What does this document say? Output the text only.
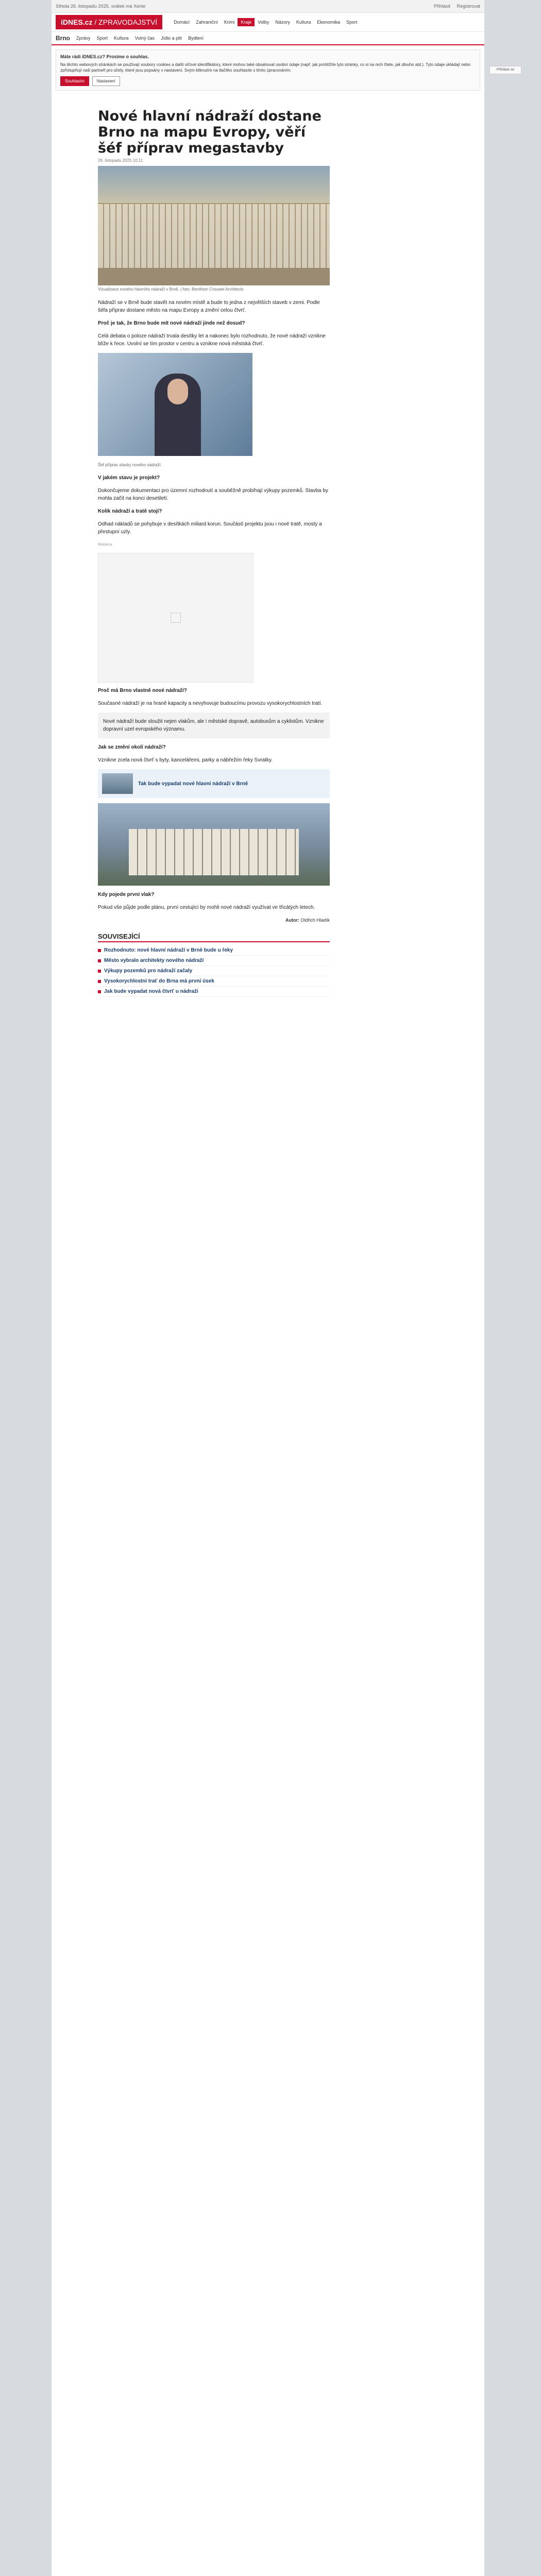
Středa 26. listopadu 2025, svátek má Xenie	Přihlásit Registrovat
iDNES.cz / ZPRAVODAJSTVÍ	Domácí	Zahraniční	Krimi	Kraje	Volby	Názory	Kultura	Ekonomika	Sport
Brno Zprávy Sport Kultura Volný čas Jídlo a pití Bydlení
Máte rádi iDNES.cz? Prosíme o souhlas.
Na těchto webových stránkách se používají soubory cookies a další síťové identifikátory, které mohou také obsahovat osobní údaje (např. jak prohlížíte tyto stránky, co si na nich čtete, jak dlouho atd.). Tyto údaje ukládají nebo zpřístupňují naši partneři pro účely, které jsou popsány v nastavení. Svým kliknutím na tlačítko souhlasíte s tímto zpracováním.
Souhlasím	Nastavení
Nové hlavní nádraží dostane Brno na mapu Evropy, věří šéf příprav megastavby
26. listopadu 2025 10:11
Vizualizace nového hlavního nádraží v Brně. | foto: Benthem Crouwel Architects

Nádraží se v Brně bude stavět na novém místě a bude to jedna z největších staveb v zemi. Podle šéfa příprav dostane město na mapu Evropy a změní celou čtvrť.

Proč je tak, že Brno bude mít nové nádraží jinde než dosud?

Celá debata o poloze nádraží trvala desítky let a nakonec bylo rozhodnuto, že nové nádraží vznikne blíže k řece. Uvolní se tím prostor v centru a vznikne nová městská čtvrť.

Šéf příprav stavby nového nádraží.

V jakém stavu je projekt?

Dokončujeme dokumentaci pro územní rozhodnutí a souběžně probíhají výkupy pozemků. Stavba by mohla začít na konci desetiletí.

Kolik nádraží a tratě stojí?

Odhad nákladů se pohybuje v desítkách miliard korun. Součástí projektu jsou i nové tratě, mosty a přestupní uzly.

Reklama

Proč má Brno vlastně nové nádraží?

Současné nádraží je na hraně kapacity a nevyhovuje budoucímu provozu vysokorychlostních tratí.

Nové nádraží bude sloužit nejen vlakům, ale i městské dopravě, autobusům a cyklistům. Vznikne dopravní uzel evropského významu.

Jak se změní okolí nádraží?

Vznikne zcela nová čtvrť s byty, kancelářemi, parky a nábřežím řeky Svratky.

Tak bude vypadat nové hlavní nádraží v Brně

Kdy pojede první vlak?

Pokud vše půjde podle plánu, první cestující by mohli nové nádraží využívat ve třicátých letech.

Autor: Oldřich Hladík
SOUVISEJÍCÍ
Rozhodnuto: nové hlavní nádraží v Brně bude u řeky
Město vybralo architekty nového nádraží
Výkupy pozemků pro nádraží začaly
Vysokorychlostní trať do Brna má první úsek
Jak bude vypadat nová čtvrť u nádraží
Přihlásit se
